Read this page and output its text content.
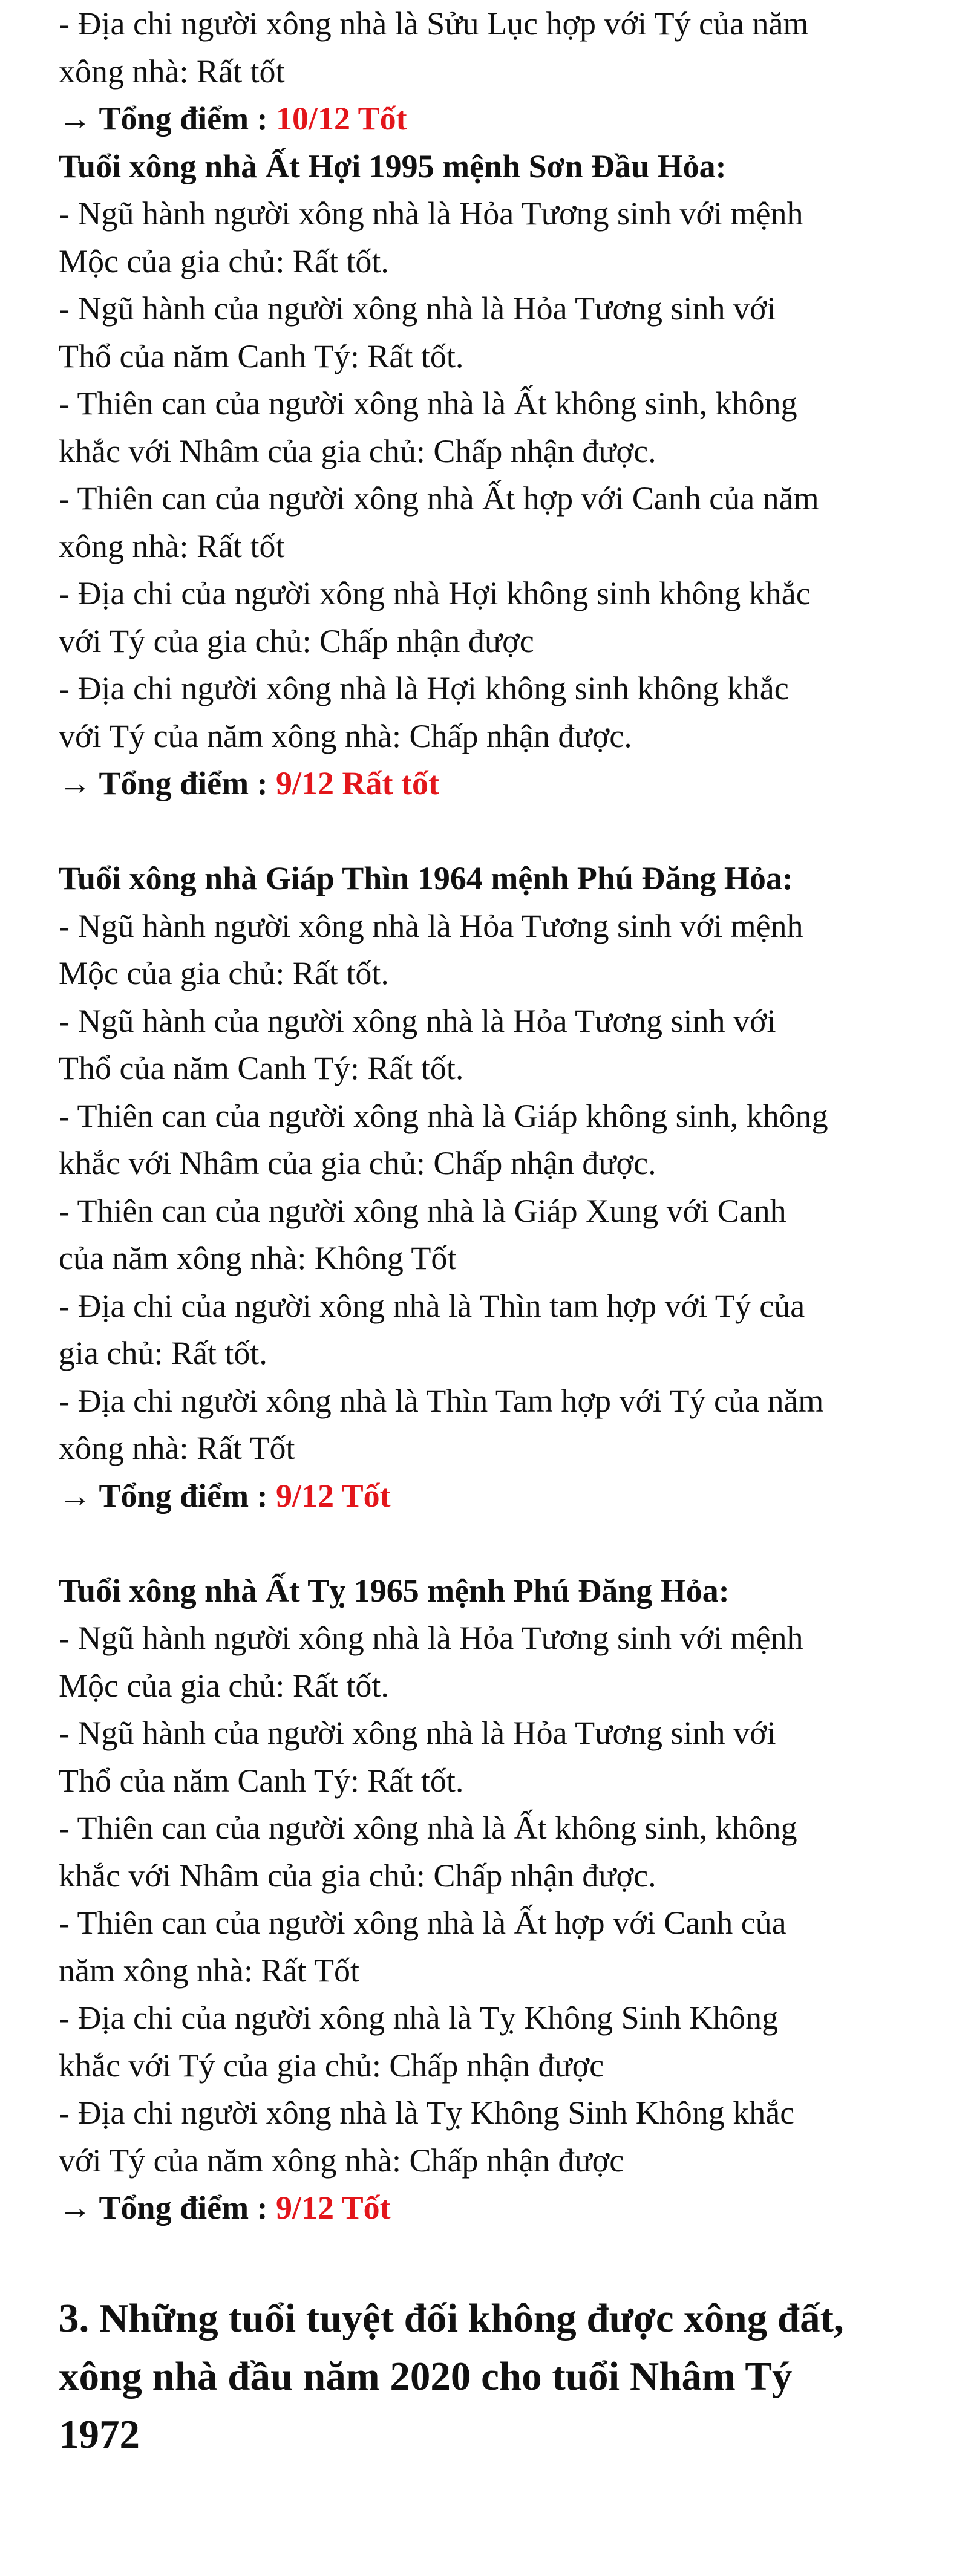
- Địa chi người xông nhà là Sửu Lục hợp với Tý của năm
xông nhà: Rất tốt
→ Tổng điểm : 10/12 Tốt
Tuổi xông nhà Ất Hợi 1995 mệnh Sơn Đầu Hỏa:
- Ngũ hành người xông nhà là Hỏa Tương sinh với mệnh
Mộc của gia chủ: Rất tốt.
- Ngũ hành của người xông nhà là Hỏa Tương sinh với
Thổ của năm Canh Tý: Rất tốt.
- Thiên can của người xông nhà là Ất không sinh, không
khắc với Nhâm của gia chủ: Chấp nhận được.
- Thiên can của người xông nhà Ất hợp với Canh của năm
xông nhà: Rất tốt
- Địa chi của người xông nhà Hợi không sinh không khắc
với Tý của gia chủ: Chấp nhận được
- Địa chi người xông nhà là Hợi không sinh không khắc
với Tý của năm xông nhà: Chấp nhận được.
→ Tổng điểm : 9/12 Rất tốt
Tuổi xông nhà Giáp Thìn 1964 mệnh Phú Đăng Hỏa:
- Ngũ hành người xông nhà là Hỏa Tương sinh với mệnh
Mộc của gia chủ: Rất tốt.
- Ngũ hành của người xông nhà là Hỏa Tương sinh với
Thổ của năm Canh Tý: Rất tốt.
- Thiên can của người xông nhà là Giáp không sinh, không
khắc với Nhâm của gia chủ: Chấp nhận được.
- Thiên can của người xông nhà là Giáp Xung với Canh
của năm xông nhà: Không Tốt
- Địa chi của người xông nhà là Thìn tam hợp với Tý của
gia chủ: Rất tốt.
- Địa chi người xông nhà là Thìn Tam hợp với Tý của năm
xông nhà: Rất Tốt
→ Tổng điểm : 9/12 Tốt
Tuổi xông nhà Ất Tỵ 1965 mệnh Phú Đăng Hỏa:
- Ngũ hành người xông nhà là Hỏa Tương sinh với mệnh
Mộc của gia chủ: Rất tốt.
- Ngũ hành của người xông nhà là Hỏa Tương sinh với
Thổ của năm Canh Tý: Rất tốt.
- Thiên can của người xông nhà là Ất không sinh, không
khắc với Nhâm của gia chủ: Chấp nhận được.
- Thiên can của người xông nhà là Ất hợp với Canh của
năm xông nhà: Rất Tốt
- Địa chi của người xông nhà là Tỵ Không Sinh Không
khắc với Tý của gia chủ: Chấp nhận được
- Địa chi người xông nhà là Tỵ Không Sinh Không khắc
với Tý của năm xông nhà: Chấp nhận được
→ Tổng điểm : 9/12 Tốt
3. Những tuổi tuyệt đối không được xông đất,
xông nhà đầu năm 2020 cho tuổi Nhâm Tý
1972
